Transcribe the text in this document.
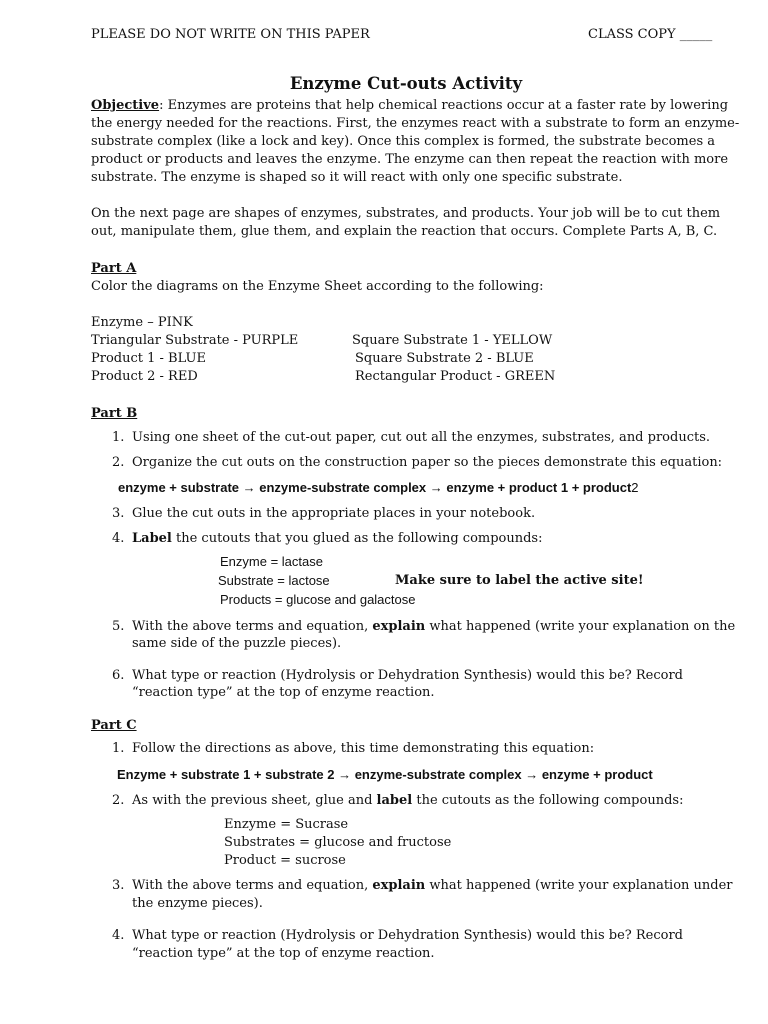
PLEASE DO NOT WRITE ON THIS PAPER	CLASS COPY _____
Enzyme Cut-outs Activity
Objective: Enzymes are proteins that help chemical reactions occur at a faster rate by lowering
the energy needed for the reactions. First, the enzymes react with a substrate to form an enzyme-
substrate complex (like a lock and key). Once this complex is formed, the substrate becomes a
product or products and leaves the enzyme. The enzyme can then repeat the reaction with more
substrate. The enzyme is shaped so it will react with only one specific substrate.
On the next page are shapes of enzymes, substrates, and products. Your job will be to cut them
out, manipulate them, glue them, and explain the reaction that occurs. Complete Parts A, B, C.
Part A
Color the diagrams on the Enzyme Sheet according to the following:
Enzyme – PINK
Triangular Substrate - PURPLE
Product 1 - BLUE
Product 2 - RED
Square Substrate 1 - YELLOW
Square Substrate 2 - BLUE
Rectangular Product - GREEN
Part B
1. Using one sheet of the cut-out paper, cut out all the enzymes, substrates, and products.
2. Organize the cut outs on the construction paper so the pieces demonstrate this equation:
enzyme + substrate → enzyme-substrate complex → enzyme + product 1 + product2
3. Glue the cut outs in the appropriate places in your notebook.
4. Label the cutouts that you glued as the following compounds:
Enzyme = lactase
Substrate = lactose	Make sure to label the active site!
Products = glucose and galactose
5. With the above terms and equation, explain what happened (write your explanation on the
same side of the puzzle pieces).
6. What type or reaction (Hydrolysis or Dehydration Synthesis) would this be? Record
“reaction type” at the top of enzyme reaction.
Part C
1. Follow the directions as above, this time demonstrating this equation:
Enzyme + substrate 1 + substrate 2 → enzyme-substrate complex → enzyme + product
2. As with the previous sheet, glue and label the cutouts as the following compounds:
Enzyme = Sucrase
Substrates = glucose and fructose
Product = sucrose
3. With the above terms and equation, explain what happened (write your explanation under
the enzyme pieces).
4. What type or reaction (Hydrolysis or Dehydration Synthesis) would this be? Record
“reaction type” at the top of enzyme reaction.
